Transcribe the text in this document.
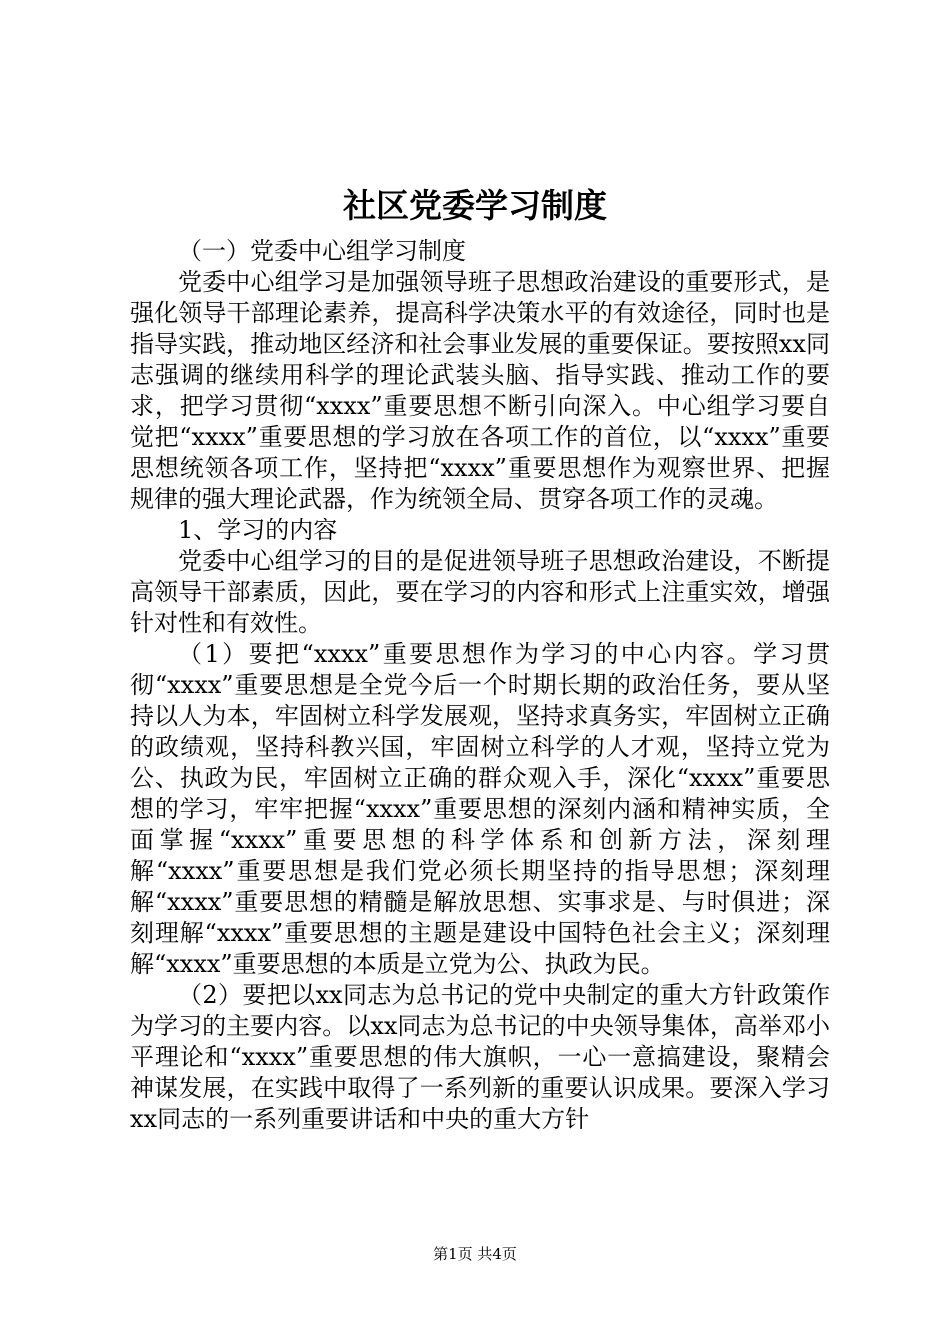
社区党委学习制度

（一）党委中心组学习制度

党委中心组学习是加强领导班子思想政治建设的重要形式，是强化领导干部理论素养，提高科学决策水平的有效途径，同时也是指导实践，推动地区经济和社会事业发展的重要保证。要按照xx同志强调的继续用科学的理论武装头脑、指导实践、推动工作的要求，把学习贯彻“xxxx”重要思想不断引向深入。中心组学习要自觉把“xxxx”重要思想的学习放在各项工作的首位，以“xxxx”重要思想统领各项工作，坚持把“xxxx”重要思想作为观察世界、把握规律的强大理论武器，作为统领全局、贯穿各项工作的灵魂。

1、学习的内容

党委中心组学习的目的是促进领导班子思想政治建设，不断提高领导干部素质，因此，要在学习的内容和形式上注重实效，增强针对性和有效性。

（1）要把“xxxx”重要思想作为学习的中心内容。学习贯彻“xxxx”重要思想是全党今后一个时期长期的政治任务，要从坚持以人为本，牢固树立科学发展观，坚持求真务实，牢固树立正确的政绩观，坚持科教兴国，牢固树立科学的人才观，坚持立党为公、执政为民，牢固树立正确的群众观入手，深化“xxxx”重要思想的学习，牢牢把握“xxxx”重要思想的深刻内涵和精神实质，全面掌握“xxxx”重要思想的科学体系和创新方法，深刻理解“xxxx”重要思想是我们党必须长期坚持的指导思想；深刻理解“xxxx”重要思想的精髓是解放思想、实事求是、与时俱进；深刻理解“xxxx”重要思想的主题是建设中国特色社会主义；深刻理解“xxxx”重要思想的本质是立党为公、执政为民。

（2）要把以xx同志为总书记的党中央制定的重大方针政策作为学习的主要内容。以xx同志为总书记的中央领导集体，高举邓小平理论和“xxxx”重要思想的伟大旗帜，一心一意搞建设，聚精会神谋发展，在实践中取得了一系列新的重要认识成果。要深入学习xx同志的一系列重要讲话和中央的重大方针

第1页 共4页
